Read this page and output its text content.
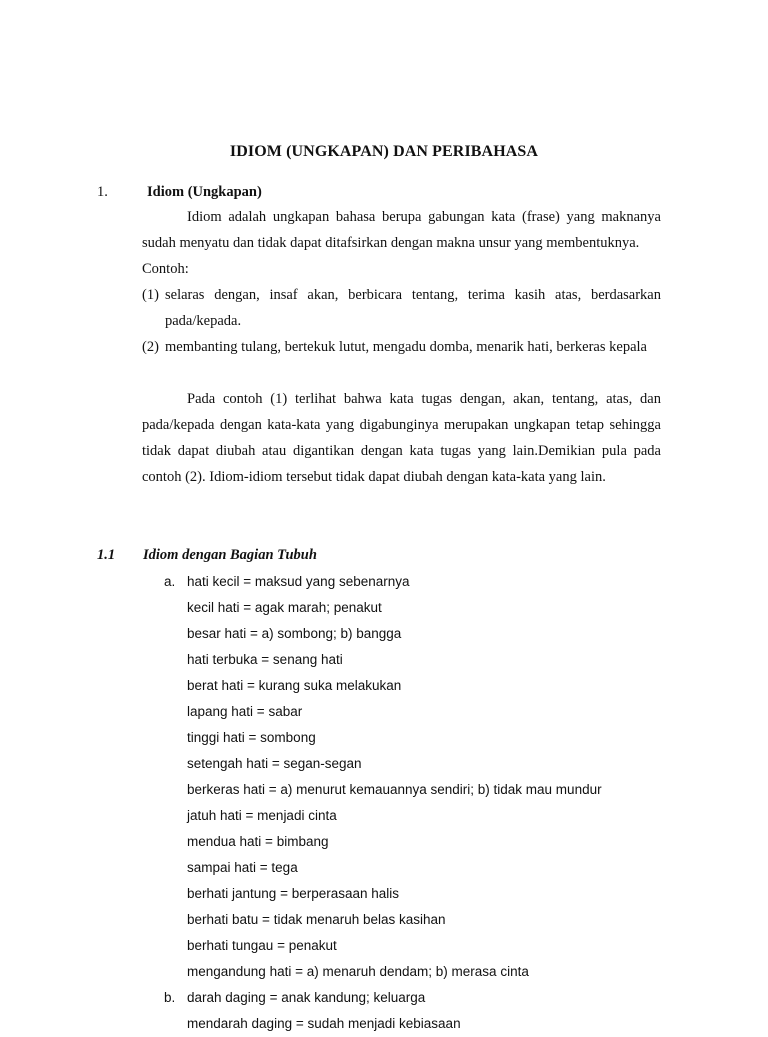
IDIOM (UNGKAPAN) DAN PERIBAHASA
1.	Idiom (Ungkapan)
Idiom adalah ungkapan bahasa berupa gabungan kata (frase) yang maknanya sudah menyatu dan tidak dapat ditafsirkan dengan makna unsur yang membentuknya.
Contoh:
(1) selaras dengan, insaf akan, berbicara tentang, terima kasih atas, berdasarkan pada/kepada.
(2) membanting tulang, bertekuk lutut, mengadu domba, menarik hati, berkeras kepala
Pada contoh (1) terlihat bahwa kata tugas dengan, akan, tentang, atas, dan pada/kepada dengan kata-kata yang digabunginya merupakan ungkapan tetap sehingga tidak dapat diubah atau digantikan dengan kata tugas yang lain.Demikian pula pada contoh (2). Idiom-idiom tersebut tidak dapat diubah dengan kata-kata yang lain.
1.1 Idiom dengan Bagian Tubuh
a. hati kecil = maksud yang sebenarnya
kecil hati = agak marah; penakut
besar hati = a) sombong; b) bangga
hati terbuka = senang hati
berat hati = kurang suka melakukan
lapang hati = sabar
tinggi hati = sombong
setengah hati = segan-segan
berkeras hati = a) menurut kemauannya sendiri; b) tidak mau mundur
jatuh hati = menjadi cinta
mendua hati = bimbang
sampai hati = tega
berhati jantung = berperasaan halis
berhati batu = tidak menaruh belas kasihan
berhati tungau = penakut
mengandung hati = a) menaruh dendam; b) merasa cinta
b. darah daging = anak kandung; keluarga
mendarah daging = sudah menjadi kebiasaan
